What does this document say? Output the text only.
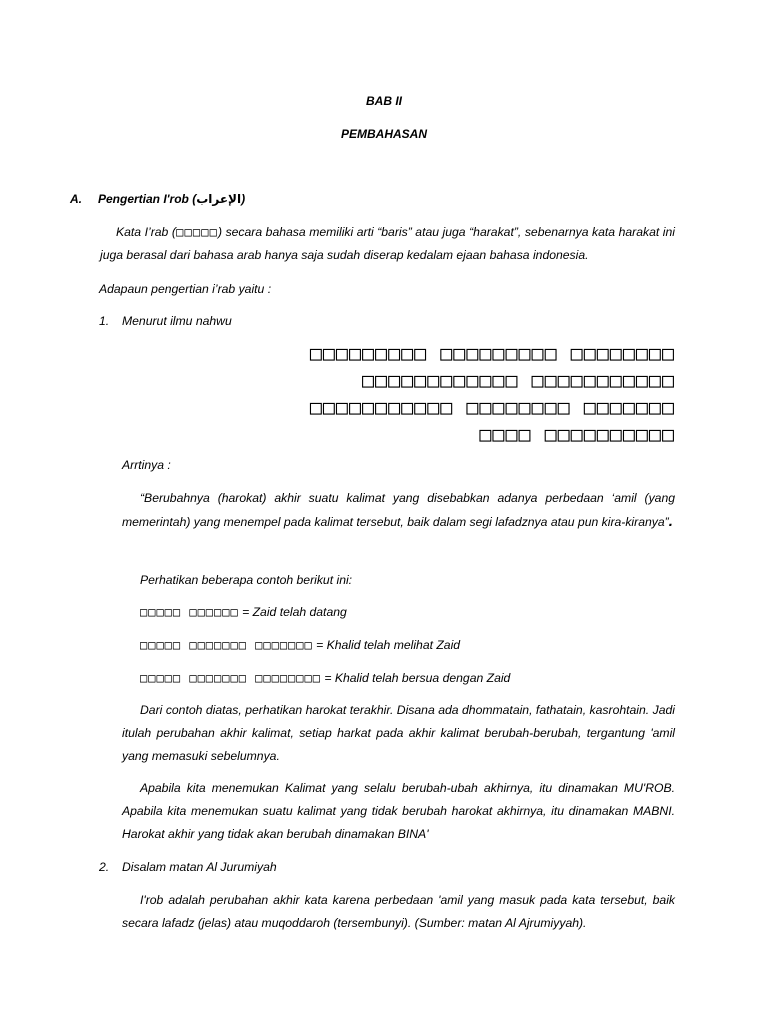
BAB II
PEMBAHASAN
A. Pengertian I'rob (الإعراب)
Kata I’rab (□□□□□) secara bahasa memiliki arti “baris” atau juga “harakat”, sebenarnya kata harakat ini juga berasal dari bahasa arab hanya saja sudah diserap kedalam ejaan bahasa indonesia.
Adapaun pengertian i’rab yaitu :
1. Menurut ilmu nahwu
□□□□□□□□□ □□□□□□□□□ □□□□□□□□
□□□□□□□□□□□□ □□□□□□□□□□□
□□□□□□□□□□□ □□□□□□□□ □□□□□□□
□□□□ □□□□□□□□□□
Arrtinya :
“Berubahnya (harokat) akhir suatu kalimat yang disebabkan adanya perbedaan ‘amil (yang memerintah) yang menempel pada kalimat tersebut, baik dalam segi lafadznya atau pun kira-kiranya”.
Perhatikan beberapa contoh berikut ini:
□□□□□ □□□□□□ = Zaid telah datang
□□□□□ □□□□□□□ □□□□□□□ = Khalid telah melihat Zaid
□□□□□ □□□□□□□ □□□□□□□□ = Khalid telah bersua dengan Zaid
Dari contoh diatas, perhatikan harokat terakhir. Disana ada dhommatain, fathatain, kasrohtain. Jadi itulah perubahan akhir kalimat, setiap harkat pada akhir kalimat berubah-berubah, tergantung 'amil yang memasuki sebelumnya.
Apabila kita menemukan Kalimat yang selalu berubah-ubah akhirnya, itu dinamakan MU'ROB. Apabila kita menemukan suatu kalimat yang tidak berubah harokat akhirnya, itu dinamakan MABNI. Harokat akhir yang tidak akan berubah dinamakan BINA'
2. Disalam matan Al Jurumiyah
I'rob adalah perubahan akhir kata karena perbedaan 'amil yang masuk pada kata tersebut, baik secara lafadz (jelas) atau muqoddaroh (tersembunyi). (Sumber: matan Al Ajrumiyyah).
